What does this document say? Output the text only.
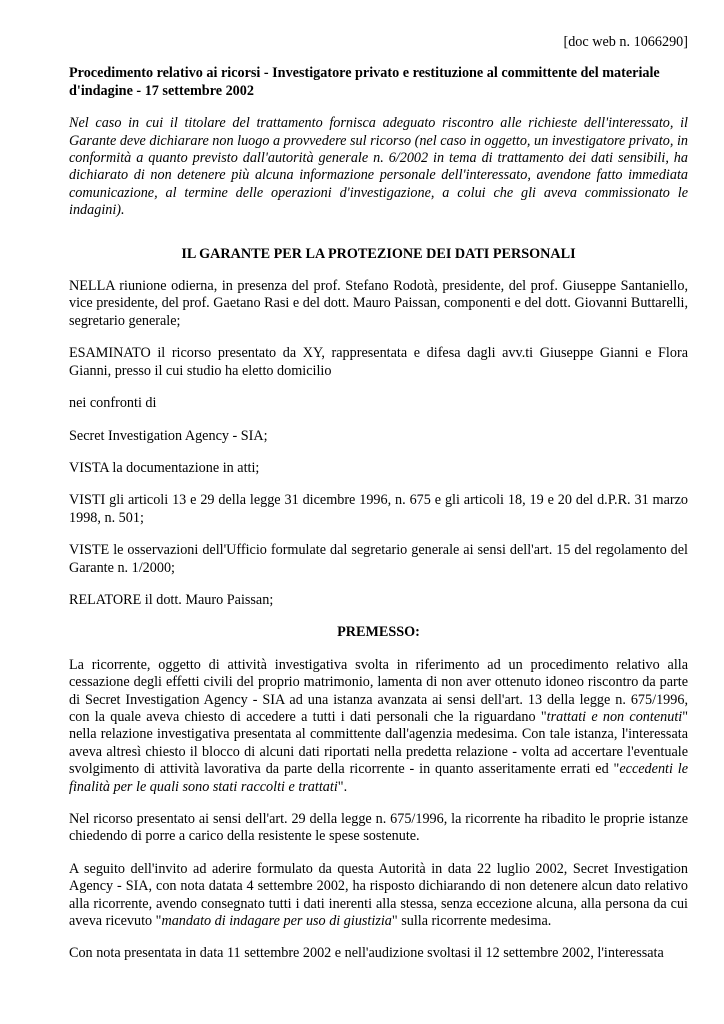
[doc web n. 1066290]
Procedimento relativo ai ricorsi - Investigatore privato e restituzione al committente del materiale d'indagine - 17 settembre 2002
Nel caso in cui il titolare del trattamento fornisca adeguato riscontro alle richieste dell'interessato, il Garante deve dichiarare non luogo a provvedere sul ricorso (nel caso in oggetto, un investigatore privato, in conformità a quanto previsto dall'autorità generale n. 6/2002 in tema di trattamento dei dati sensibili, ha dichiarato di non detenere più alcuna informazione personale dell'interessato, avendone fatto immediata comunicazione, al termine delle operazioni d'investigazione, a colui che gli aveva commissionato le indagini).
IL GARANTE PER LA PROTEZIONE DEI DATI PERSONALI

NELLA riunione odierna, in presenza del prof. Stefano Rodotà, presidente, del prof. Giuseppe Santaniello, vice presidente, del prof. Gaetano Rasi e del dott. Mauro Paissan, componenti e del dott. Giovanni Buttarelli, segretario generale;

ESAMINATO il ricorso presentato da XY, rappresentata e difesa dagli avv.ti Giuseppe Gianni e Flora Gianni, presso il cui studio ha eletto domicilio

nei confronti di

Secret Investigation Agency - SIA;

VISTA la documentazione in atti;

VISTI gli articoli 13 e 29 della legge 31 dicembre 1996, n. 675 e gli articoli 18, 19 e 20 del d.P.R. 31 marzo 1998, n. 501;

VISTE le osservazioni dell'Ufficio formulate dal segretario generale ai sensi dell'art. 15 del regolamento del Garante n. 1/2000;

RELATORE il dott. Mauro Paissan;

PREMESSO:

La ricorrente, oggetto di attività investigativa svolta in riferimento ad un procedimento relativo alla cessazione degli effetti civili del proprio matrimonio, lamenta di non aver ottenuto idoneo riscontro da parte di Secret Investigation Agency - SIA ad una istanza avanzata ai sensi dell'art. 13 della legge n. 675/1996, con la quale aveva chiesto di accedere a tutti i dati personali che la riguardano "trattati e non contenuti" nella relazione investigativa presentata al committente dall'agenzia medesima. Con tale istanza, l'interessata aveva altresì chiesto il blocco di alcuni dati riportati nella predetta relazione - volta ad accertare l'eventuale svolgimento di attività lavorativa da parte della ricorrente - in quanto asseritamente errati ed "eccedenti le finalità per le quali sono stati raccolti e trattati".

Nel ricorso presentato ai sensi dell'art. 29 della legge n. 675/1996, la ricorrente ha ribadito le proprie istanze chiedendo di porre a carico della resistente le spese sostenute.

A seguito dell'invito ad aderire formulato da questa Autorità in data 22 luglio 2002, Secret Investigation Agency - SIA, con nota datata 4 settembre 2002, ha risposto dichiarando di non detenere alcun dato relativo alla ricorrente, avendo consegnato tutti i dati inerenti alla stessa, senza eccezione alcuna, alla persona da cui aveva ricevuto "mandato di indagare per uso di giustizia" sulla ricorrente medesima.

Con nota presentata in data 11 settembre 2002 e nell'audizione svoltasi il 12 settembre 2002, l'interessata
